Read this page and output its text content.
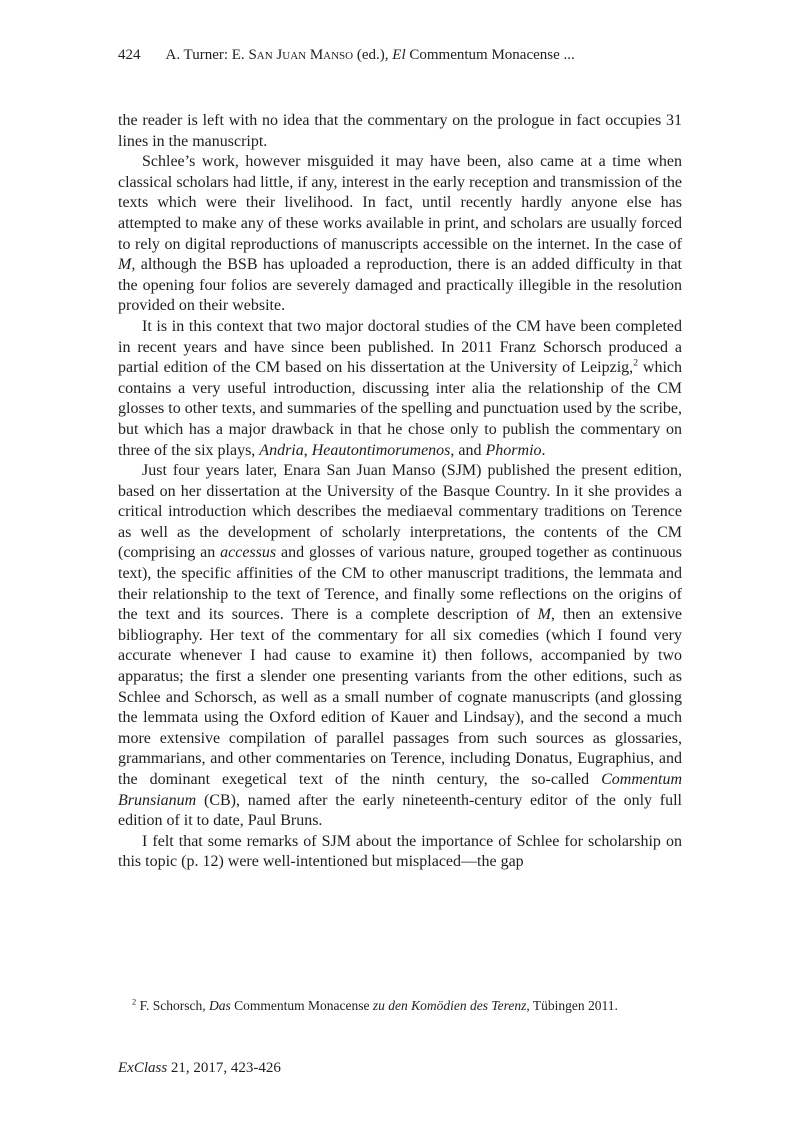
424 A. Turner: E. San Juan Manso (ed.), El Commentum Monacense ...

the reader is left with no idea that the commentary on the prologue in fact occupies 31 lines in the manuscript.

Schlee’s work, however misguided it may have been, also came at a time when classical scholars had little, if any, interest in the early reception and transmission of the texts which were their livelihood. In fact, until recently hardly anyone else has attempted to make any of these works available in print, and scholars are usually forced to rely on digital reproductions of manuscripts accessible on the internet. In the case of M, although the BSB has uploaded a reproduction, there is an added difficulty in that the opening four folios are severely damaged and practically illegible in the resolution provided on their website.

It is in this context that two major doctoral studies of the CM have been completed in recent years and have since been published. In 2011 Franz Schorsch produced a partial edition of the CM based on his dissertation at the University of Leipzig,$^2$ which contains a very useful introduction, discussing inter alia the relationship of the CM glosses to other texts, and summaries of the spelling and punctuation used by the scribe, but which has a major drawback in that he chose only to publish the commentary on three of the six plays, Andria, Heautontimorumenos, and Phormio.

Just four years later, Enara San Juan Manso (SJM) published the present edition, based on her dissertation at the University of the Basque Country. In it she provides a critical introduction which describes the mediaeval commentary traditions on Terence as well as the development of scholarly interpretations, the contents of the CM (comprising an accessus and glosses of various nature, grouped together as continuous text), the specific affinities of the CM to other manuscript traditions, the lemmata and their relationship to the text of Terence, and finally some reflections on the origins of the text and its sources. There is a complete description of M, then an extensive bibliography. Her text of the commentary for all six comedies (which I found very accurate whenever I had cause to examine it) then follows, accompanied by two apparatus; the first a slender one presenting variants from the other editions, such as Schlee and Schorsch, as well as a small number of cognate manuscripts (and glossing the lemmata using the Oxford edition of Kauer and Lindsay), and the second a much more extensive compilation of parallel passages from such sources as glossaries, grammarians, and other commentaries on Terence, including Donatus, Eugraphius, and the dominant exegetical text of the ninth century, the so-called Commentum Brunsianum (CB), named after the early nineteenth-century editor of the only full edition of it to date, Paul Bruns.

I felt that some remarks of SJM about the importance of Schlee for scholarship on this topic (p. 12) were well-intentioned but misplaced—the gap

$^2$ F. Schorsch, Das Commentum Monacense zu den Komödien des Terenz, Tübingen 2011.
ExClass 21, 2017, 423-426
